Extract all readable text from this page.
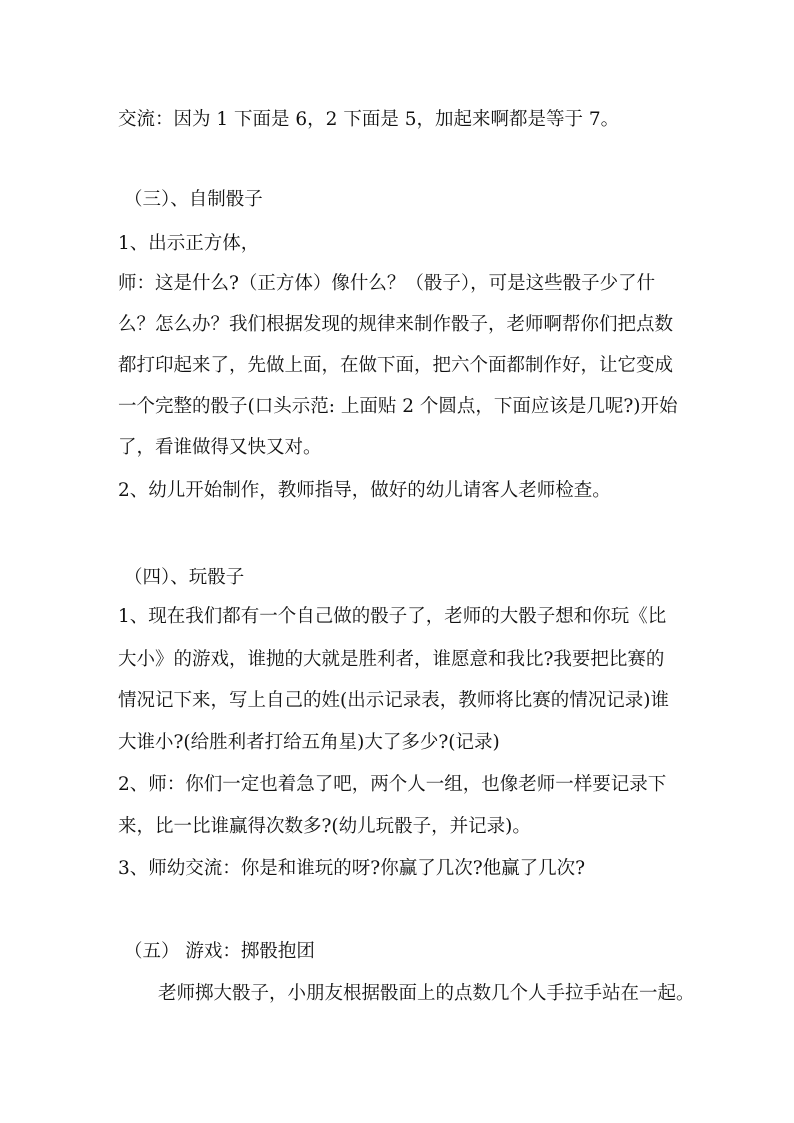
交流：因为 1 下面是 6，2 下面是 5，加起来啊都是等于 7。
（三）、自制骰子
1、出示正方体，
师：这是什么?（正方体）像什么？（骰子），可是这些骰子少了什
么？怎么办？我们根据发现的规律来制作骰子，老师啊帮你们把点数
都打印起来了，先做上面，在做下面，把六个面都制作好，让它变成
一个完整的骰子(口头示范: 上面贴 2 个圆点，下面应该是几呢?)开始
了，看谁做得又快又对。
2、幼儿开始制作，教师指导，做好的幼儿请客人老师检查。
（四）、玩骰子
1、现在我们都有一个自己做的骰子了，老师的大骰子想和你玩《比
大小》的游戏，谁抛的大就是胜利者，谁愿意和我比?我要把比赛的
情况记下来，写上自己的姓(出示记录表，教师将比赛的情况记录)谁
大谁小?(给胜利者打给五角星)大了多少?(记录)
2、师：你们一定也着急了吧，两个人一组，也像老师一样要记录下
来，比一比谁赢得次数多?(幼儿玩骰子，并记录)。
3、师幼交流：你是和谁玩的呀?你赢了几次?他赢了几次?
（五） 游戏：掷骰抱团
老师掷大骰子，小朋友根据骰面上的点数几个人手拉手站在一起。
